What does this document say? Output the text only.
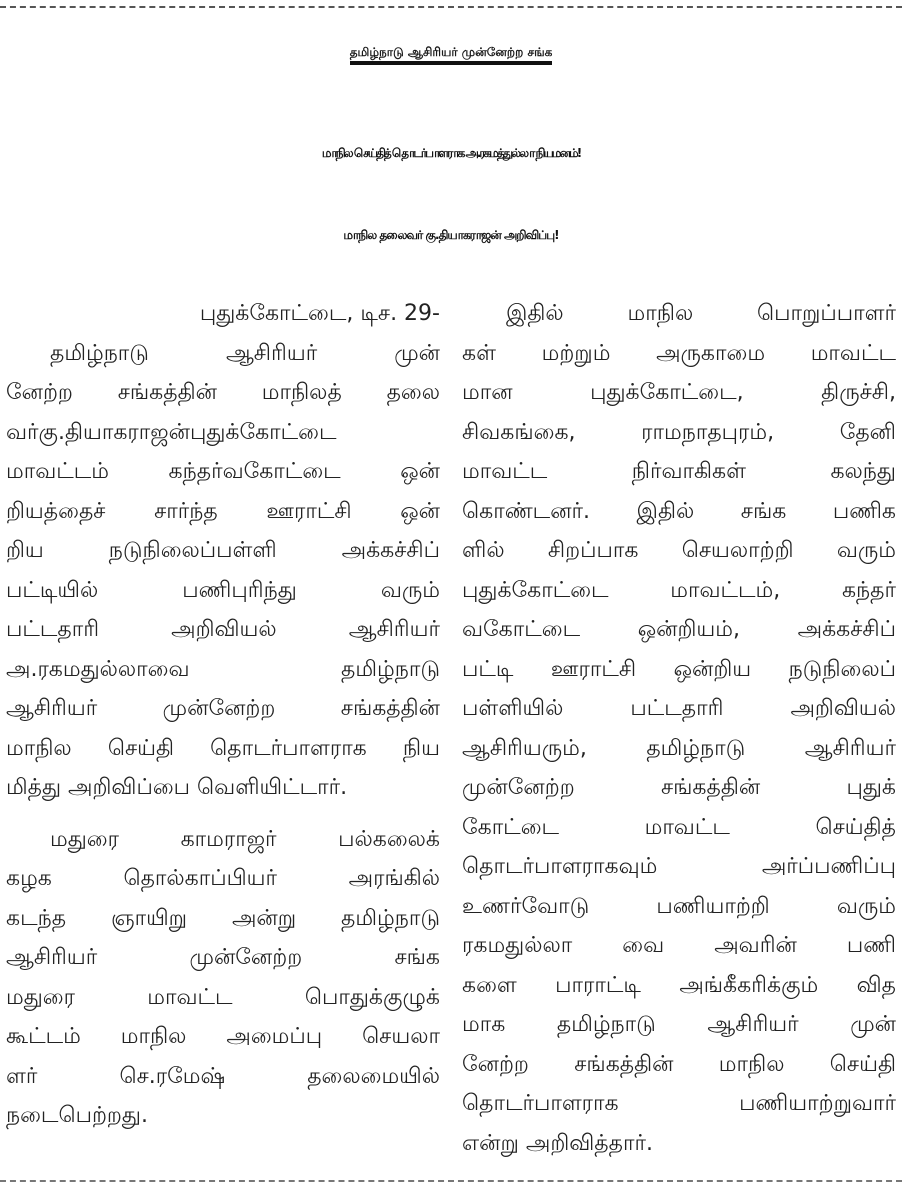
தமிழ்நாடு ஆசிரியர் முன்னேற்ற சங்க
மாநில செய்தித் தொடர்பாளராக அ.ரகமத்துல்லா நியமனம்!
மாநில தலைவர் கு.தியாகராஜன் அறிவிப்பு!
புதுக்கோட்டை, டிச. 29-
தமிழ்நாடு ஆசிரியர் முன்
னேற்ற சங்கத்தின் மாநிலத் தலை
வர்கு.தியாகராஜன்புதுக்கோட்டை
மாவட்டம் கந்தர்வகோட்டை ஒன்
றியத்தைச் சார்ந்த ஊராட்சி ஒன்
றிய நடுநிலைப்பள்ளி அக்கச்சிப்
பட்டியில் பணிபுரிந்து வரும்
பட்டதாரி அறிவியல் ஆசிரியர்
அ.ரகமதுல்லாவை தமிழ்நாடு
ஆசிரியர் முன்னேற்ற சங்கத்தின்
மாநில செய்தி தொடர்பாளராக நிய
மித்து அறிவிப்பை வெளியிட்டார்.
மதுரை காமராஜர் பல்கலைக்
கழக தொல்காப்பியர் அரங்கில்
கடந்த ஞாயிறு அன்று தமிழ்நாடு
ஆசிரியர் முன்னேற்ற சங்க
மதுரை மாவட்ட பொதுக்குழுக்
கூட்டம் மாநில அமைப்பு செயலா
ளர் செ.ரமேஷ் தலைமையில்
நடைபெற்றது.
இதில் மாநில பொறுப்பாளர்
கள் மற்றும் அருகாமை மாவட்ட
மான புதுக்கோட்டை, திருச்சி,
சிவகங்கை, ராமநாதபுரம், தேனி
மாவட்ட நிர்வாகிகள் கலந்து
கொண்டனர். இதில் சங்க பணிக
ளில் சிறப்பாக செயலாற்றி வரும்
புதுக்கோட்டை மாவட்டம், கந்தர்
வகோட்டை ஒன்றியம், அக்கச்சிப்
பட்டி ஊராட்சி ஒன்றிய நடுநிலைப்
பள்ளியில் பட்டதாரி அறிவியல்
ஆசிரியரும், தமிழ்நாடு ஆசிரியர்
முன்னேற்ற சங்கத்தின் புதுக்
கோட்டை மாவட்ட செய்தித்
தொடர்பாளராகவும் அர்ப்பணிப்பு
உணர்வோடு பணியாற்றி வரும்
ரகமதுல்லா வை அவரின் பணி
களை பாராட்டி அங்கீகரிக்கும் வித
மாக தமிழ்நாடு ஆசிரியர் முன்
னேற்ற சங்கத்தின் மாநில செய்தி
தொடர்பாளராக பணியாற்றுவார்
என்று அறிவித்தார்.
